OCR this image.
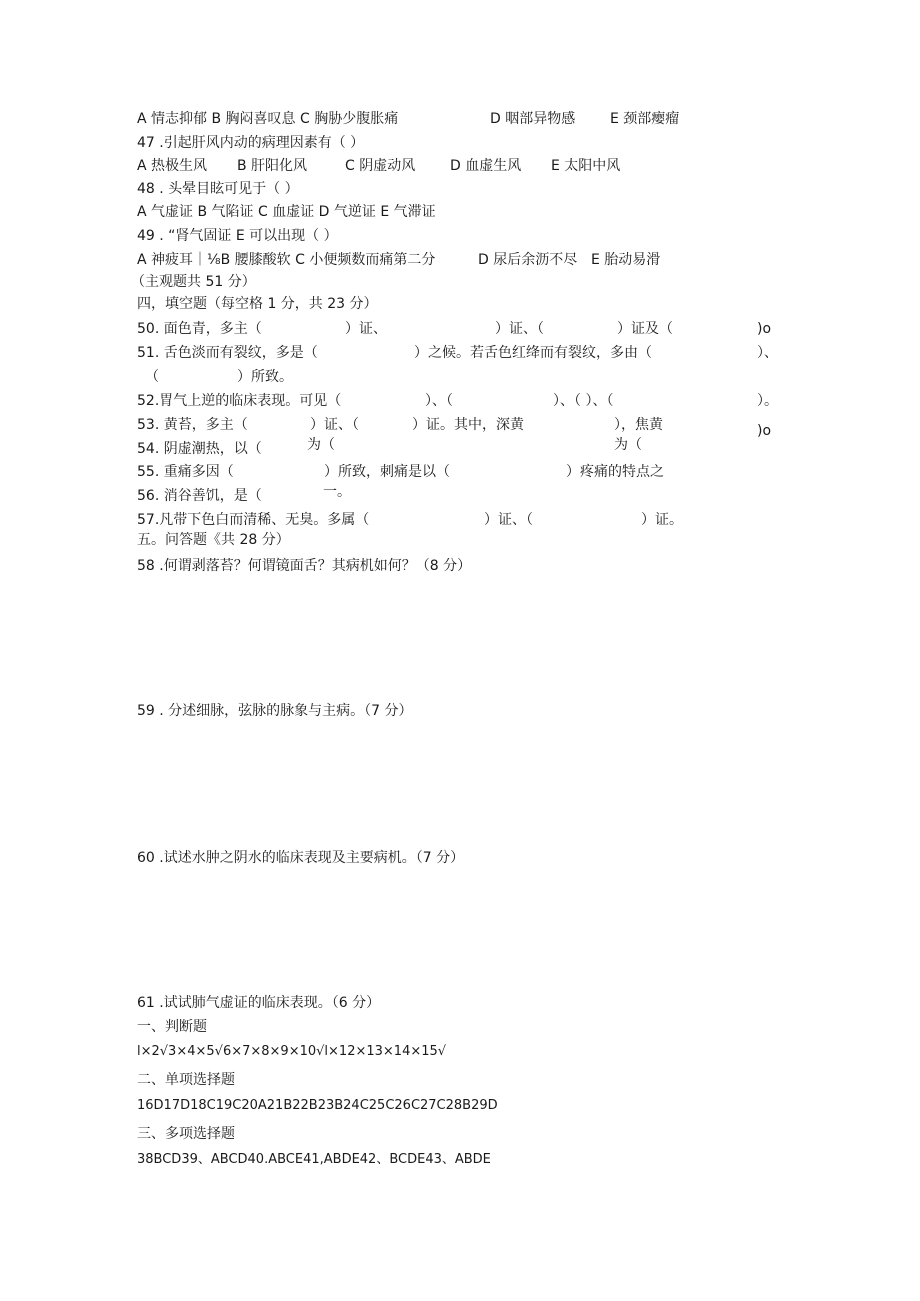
A 情志抑郁 B 胸闷喜叹息 C 胸胁少腹胀痛	D 咽部异物感 E 颈部瘿瘤
47 .引起肝风内动的病理因素有（ ）
A 热极生风 B 肝阳化风	C 阴虚动风 D 血虚生风 E 太阳中风
48 . 头晕目眩可见于（ ）
A 气虚证 B 气陷证 C 血虚证 D 气逆证 E 气滞证
49 . “肾气固证 E 可以出现（ ）
A 神疲耳｜⅛B 腰膝酸软 C 小便频数而痛第二分	D 尿后余沥不尽 E 胎动易滑
（主观题共 51 分）
四，填空题（每空格 1 分，共 23 分）
50. 面色青，多主（	）证、	）证、（	）证及（	)o
51. 舌色淡而有裂纹，多是（	）之候。若舌色红绛而有裂纹，多由（	）、
（	）所致。
52.胃气上逆的临床表现。可见（	）、（	）、（ ）、（	）。
53. 黄苔，多主（	）证、（	）证。其中，深黄	），焦黄	)o
为（	为（
54. 阴虚潮热，以（
55. 重痛多因（	）所致，刺痛是以（	）疼痛的特点之
56. 消谷善饥，是（	一。
57.凡带下色白而清稀、无臭。多属（	）证、（	）证。
五。问答题《共 28 分）
58 .何谓剥落苔？何谓镜面舌？其病机如何？（8 分）
59 . 分述细脉，弦脉的脉象与主病。（7 分）
60 .试述水肿之阴水的临床表现及主要病机。（7 分）
61 .试试肺气虚证的临床表现。（6 分）
一、判断题
l×2√3×4×5√6×7×8×9×10√l×12×13×14×15√
二、单项选择题
16D17D18C19C20A21B22B23B24C25C26C27C28B29D
三、多项选择题
38BCD39、ABCD40.ABCE41,ABDE42、BCDE43、ABDE
